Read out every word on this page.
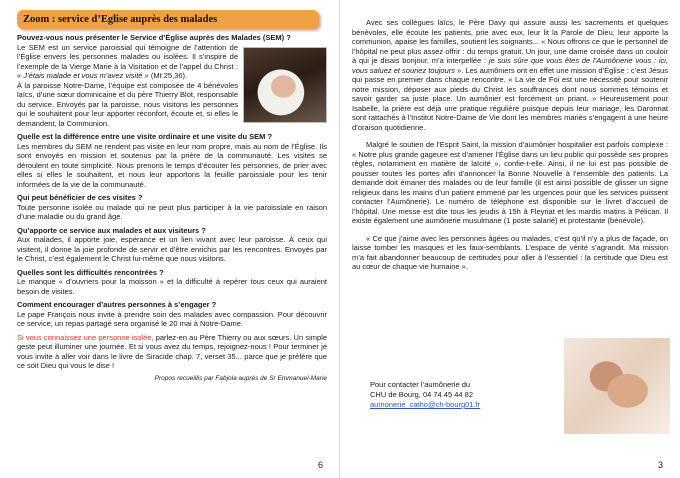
Zoom : service d’Eglise auprès des malades

Pouvez-vous nous présenter le Service d’Église auprès des Malades (SEM) ?

Le SEM est un service paroissial qui témoigne de l’attention de l’Église envers les personnes malades ou isolées. Il s’inspire de l’exemple de la Vierge Marie à la Visitation et de l’appel du Christ : « J’étais malade et vous m’avez visité » (Mt 25,36).

À la paroisse Notre-Dame, l’équipe est composée de 4 bénévoles laïcs, d’une sœur dominicaine et du père Thierry Blot, responsable du service. Envoyés par la paroisse, nous visitons les personnes qui le souhaitent pour leur apporter réconfort, écoute et, si elles le demandent, la Communion.

Quelle est la différence entre une visite ordinaire et une visite du SEM ?

Les membres du SEM ne rendent pas visite en leur nom propre, mais au nom de l’Église. Ils sont envoyés en mission et soutenus par la prière de la communauté. Les visites se déroulent en toute simplicité. Nous prenons le temps d’écouter les personnes, de prier avec elles si elles le souhaitent, et nous leur apportons la feuille paroissiale pour les tenir informées de la vie de la communauté.

Qui peut bénéficier de ces visites ?

Toute personne isolée ou malade qui ne peut plus participer à la vie paroissiale en raison d’une maladie ou du grand âge.

Qu’apporte ce service aux malades et aux visiteurs ?

Aux malades, il apporte joie, espérance et un lien vivant avec leur paroisse. À ceux qui visitent, il donne la joie profonde de servir et d’être enrichis par les rencontres. Envoyés par le Christ, c’est également le Christ lui-même que nous visitons.

Quelles sont les difficultés rencontrées ?

Le manque « d’ouvriers pour la moisson » et la difficulté à repérer tous ceux qui auraient besoin de visites.

Comment encourager d’autres personnes à s’engager ?

Le pape François nous invite à prendre soin des malades avec compassion. Pour découvrir ce service, un repas partagé sera organisé le 20 mai à Notre-Dame.

Si vous connaissez une personne isolée, parlez-en au Père Thierry ou aux sœurs. Un simple geste peut illuminer une journée. Et si vous avez du temps, rejoignez-nous ! Pour terminer je vous invite à aller voir dans le livre de Siracide chap. 7, verset 35... parce que je préfère que ce soit Dieu qui vous le dise !

Propos recueillis par Fabjola auprès de Sr Emmanuel-Marie
6

Avec ses collègues laïcs, le Père Davy qui assure aussi les sacrements et quelques bénévoles, elle écoute les patients, prie avec eux, leur lit la Parole de Dieu, leur apporte la communion, apaise les familles, soutient les soignants... « Nous offrons ce que le personnel de l’hôpital ne peut plus assez offrir : du temps gratuit. Un jour, une dame croisée dans un couloir à qui je disais bonjour, m’a interpellée : je suis sûre que vous êtes de l’Aumônerie vous : ici, vous saluez et souriez toujours ». Les aumôniers ont en effet une mission d’Église : c’est Jésus qui passe en premier dans chaque rencontre. « La vie de Foi est une nécessité pour soutenir notre mission, déposer aux pieds du Christ les souffrances dont nous sommes témoins et savoir garder sa juste place. Un aumônier est forcément un priant. » Heureusement pour Isabelle, la prière est déjà une pratique régulière puisque depuis leur mariage, les Daronnat sont rattachés à l’Institut Notre-Dame de Vie dont les membres mariés s’engagent à une heure d’oraison quotidienne.

Malgré le soutien de l’Esprit Saint, la mission d’aumônier hospitalier est parfois complexe : « Notre plus grande gageure est d’amener l’Église dans un lieu public qui possède ses propres règles, notamment en matière de laïcité », confie-t-elle. Ainsi, il ne lui est pas possible de pousser toutes les portes afin d’annoncer la Bonne Nouvelle à l’ensemble des patients. La demande doit émaner des malades ou de leur famille (il est ainsi possible de glisser un signe religieux dans les mains d’un patient emmené par les urgences pour que les services puissent contacter l’Aumônerie). Le numéro de téléphone est disponible sur le livret d’accueil de l’hôpital. Une messe est dite tous les jeudis à 15h à Fleyriat et les mardis matins à Pélican. Il existe également une aumônerie musulmane (1 poste salarié) et protestante (bénévole).

« Ce que j’aime avec les personnes âgées ou malades, c’est qu’il n’y a plus de façade, on laisse tomber les masques et les faux-semblants. L’espace de vérité s’agrandit. Ma mission m’a fait abandonner beaucoup de certitudes pour aller à l’essentiel : la certitude que Dieu est au cœur de chaque vie humaine ».

Pour contacter l’aumônerie du
CHU de Bourg, 04 74 45 44 82
aumonerie_catho@ch-bourg01.fr
3
